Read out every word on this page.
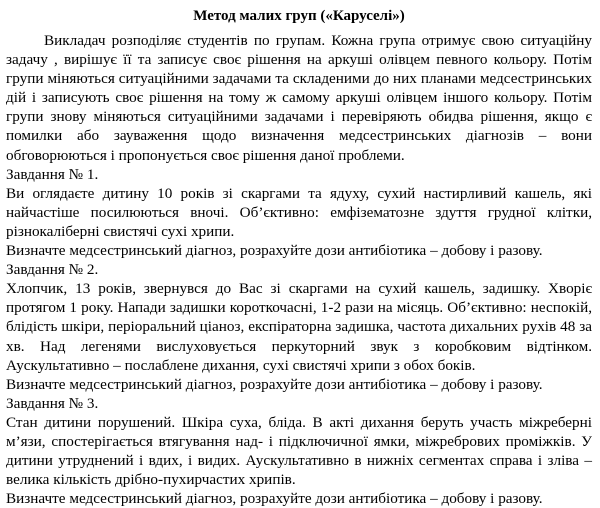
Метод малих груп («Каруселі»)

Викладач розподіляє студентів по групам. Кожна група отримує свою ситуаційну задачу , вирішує її та записує своє рішення на аркуші олівцем певного кольору. Потім групи міняються ситуаційними задачами та складеними до них планами медсестринських дій і записують своє рішення на тому ж самому аркуші олівцем іншого кольору. Потім групи знову міняються ситуаційними задачами і перевіряють обидва рішення, якщо є помилки або зауваження щодо визначення медсестринських діагнозів – вони обговорюються і пропонується своє рішення даної проблеми.

Завдання № 1.

Ви оглядаєте дитину 10 років зі скаргами та ядуху, сухий настирливий кашель, які найчастіше посилюються вночі. Об’єктивно: емфізематозне здуття грудної клітки, різнокаліберні свистячі сухі хрипи.

Визначте медсестринський діагноз, розрахуйте дози антибіотика – добову і разову.
Завдання № 2.

Хлопчик, 13 років, звернувся до Вас зі скаргами на сухий кашель, задишку. Хворіє протягом 1 року. Напади задишки короткочасні, 1-2 рази на місяць. Об’єктивно: неспокій, блідість шкіри, періоральний ціаноз, експіраторна задишка, частота дихальних рухів 48 за хв. Над легенями вислуховується перкуторний звук з коробковим відтінком. Аускультативно – послаблене дихання, сухі свистячі хрипи з обох боків.

Визначте медсестринський діагноз, розрахуйте дози антибіотика – добову і разову.
Завдання № 3.

Стан дитини порушений. Шкіра суха, бліда. В акті дихання беруть участь міжреберні м’язи, спостерігається втягування над- і підключичної ямки, міжребрових проміжків. У дитини утруднений і вдих, і видих. Аускультативно в нижніх сегментах справа і зліва – велика кількість дрібно-пухирчастих хрипів.

Визначте медсестринський діагноз, розрахуйте дози антибіотика – добову і разову.
